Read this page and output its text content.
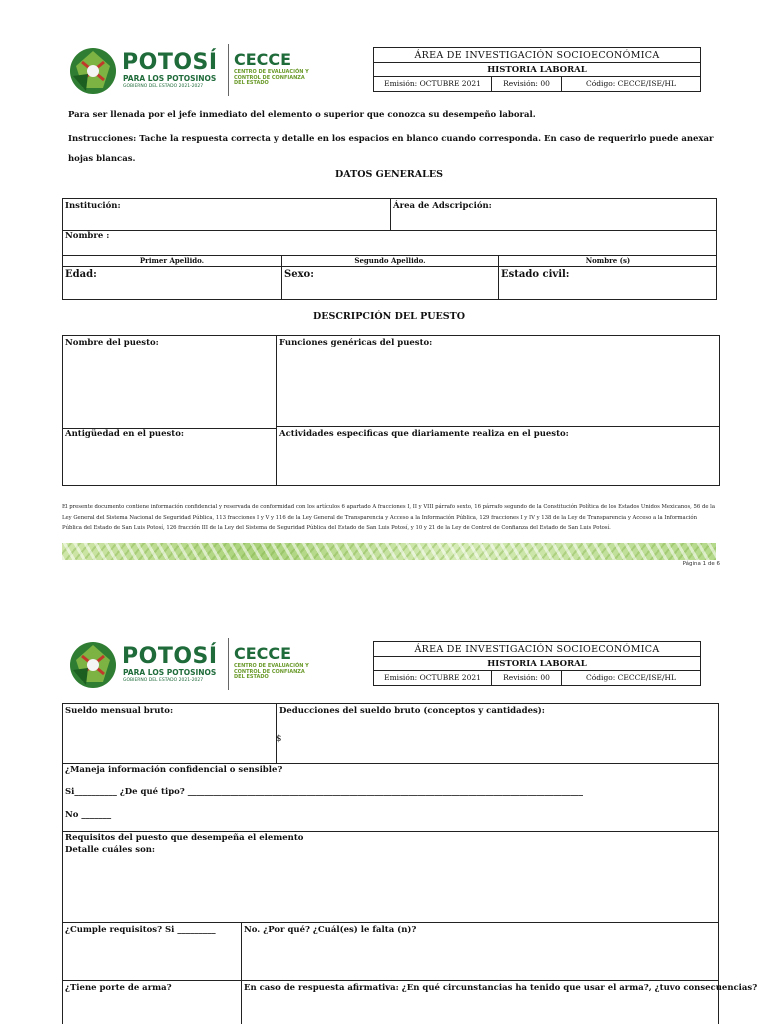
POTOSÍ
PARA LOS POTOSINOS
GOBIERNO DEL ESTADO 2021-2027
CECCE
CENTRO DE EVALUACIÓN Y CONTROL DE CONFIANZA DEL ESTADO
ÁREA DE INVESTIGACIÓN SOCIOECONÓMICA
HISTORIA LABORAL
Emisión: OCTUBRE 2021	Revisión: 00	Código: CECCE/ISE/HL
Para ser llenada por el jefe inmediato del elemento o superior que conozca su desempeño laboral.
Instrucciones: Tache la respuesta correcta y detalle en los espacios en blanco cuando corresponda. En caso de requerirlo puede anexar hojas blancas.
DATOS GENERALES
Institución:	Área de Adscripción:
Nombre :
Primer Apellido.	Segundo Apellido.	Nombre (s)
Edad:	Sexo:	Estado civil:
DESCRIPCIÓN DEL PUESTO
Nombre del puesto:	Funciones genéricas del puesto:
Antigüedad en el puesto:	Actividades especificas que diariamente realiza en el puesto:
El presente documento contiene información confidencial y reservada de conformidad con los artículos 6 apartado A fracciones I, II y VIII párrafo sexto, 16 párrafo segundo de la Constitución Política de los Estados Unidos Mexicanos, 56 de la Ley General del Sistema Nacional de Seguridad Pública, 113 fracciones I y V y 116 de la Ley General de Transparencia y Acceso a la Información Pública, 129 fracciones I y IV y 138 de la Ley de Transparencia y Acceso a la Información Pública del Estado de San Luis Potosí, 126 fracción III de la Ley del Sistema de Seguridad Pública del Estado de San Luis Potosí, y 10 y 21 de la Ley de Control de Confianza del Estado de San Luis Potosí.
Página 1 de 6
POTOSÍ
PARA LOS POTOSINOS
GOBIERNO DEL ESTADO 2021-2027
CECCE
CENTRO DE EVALUACIÓN Y CONTROL DE CONFIANZA DEL ESTADO
ÁREA DE INVESTIGACIÓN SOCIOECONÓMICA
HISTORIA LABORAL
Emisión: OCTUBRE 2021	Revisión: 00	Código: CECCE/ISE/HL
Sueldo mensual bruto:	Deducciones del sueldo bruto (conceptos y cantidades):
$
¿Maneja información confidencial o sensible?
Si__________ ¿De qué tipo? _____________________________________________________________________________________________
No _______
Requisitos del puesto que desempeña el elemento
Detalle cuáles son:
¿Cumple requisitos? Si _________	No. ¿Por qué? ¿Cuál(es) le falta (n)?
¿Tiene porte de arma?	En caso de respuesta afirmativa: ¿En qué circunstancias ha tenido que usar el arma?, ¿tuvo consecuencias?
